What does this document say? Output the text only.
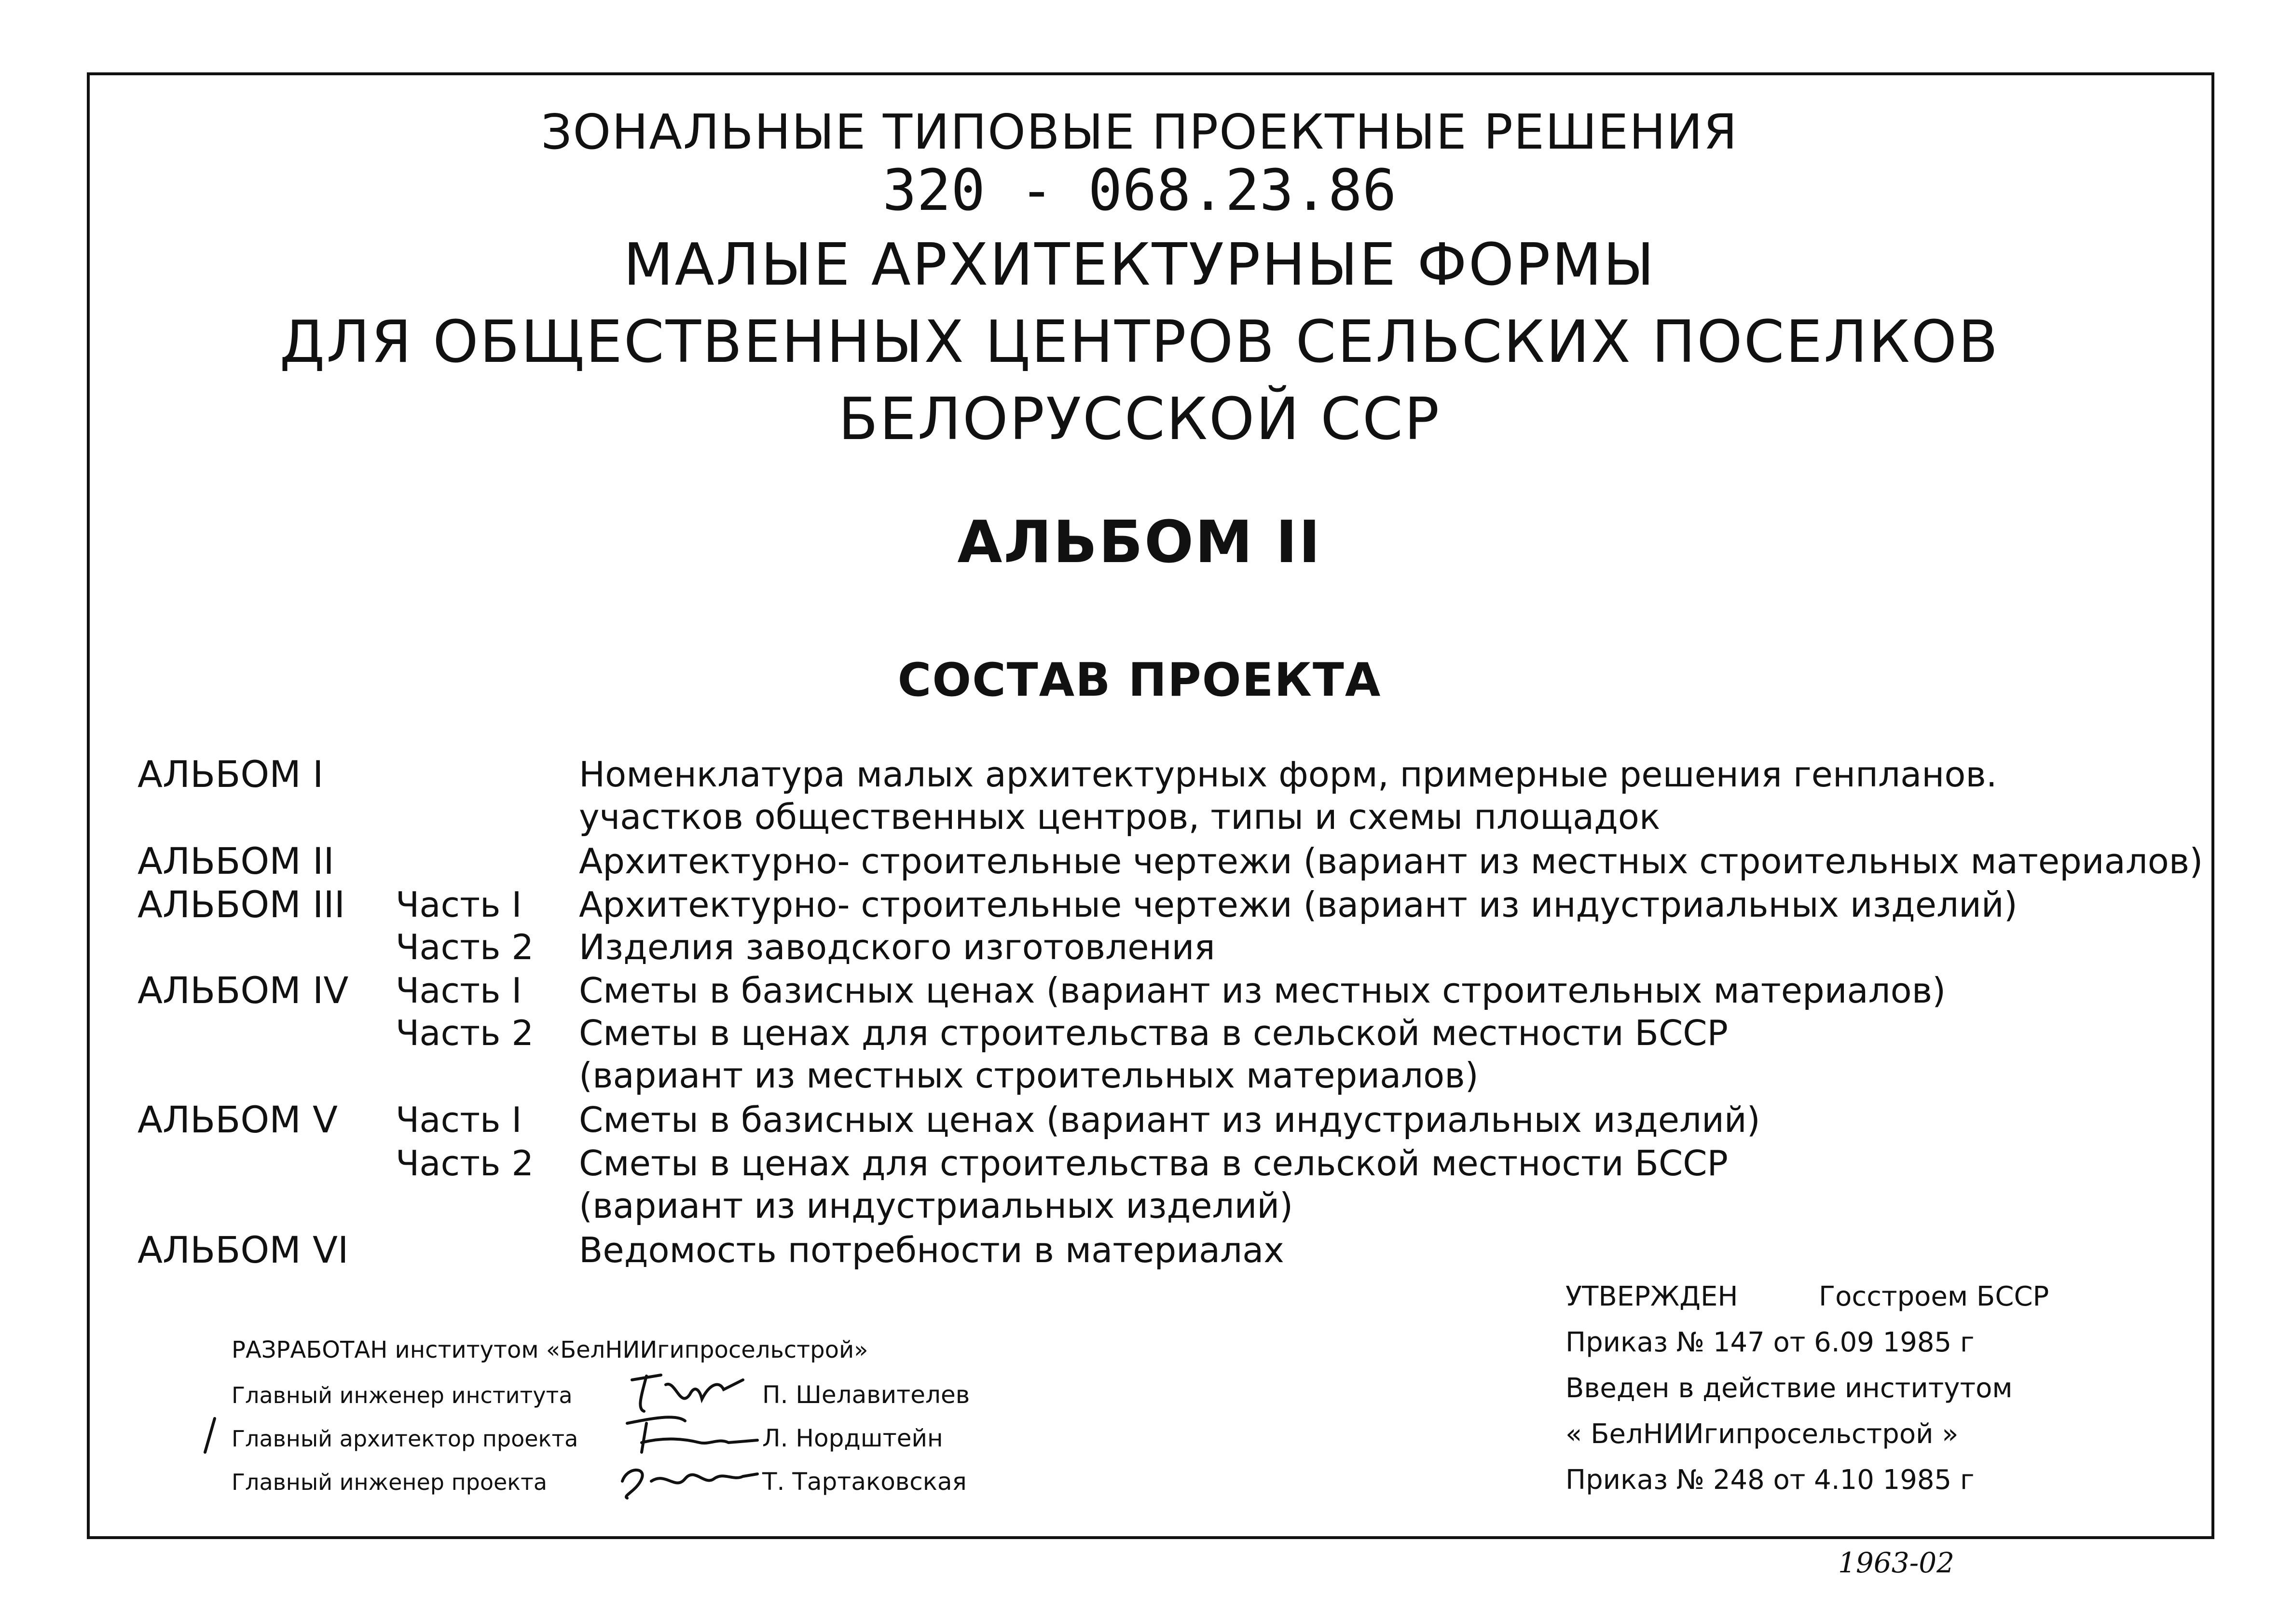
ЗОНАЛЬНЫЕ ТИПОВЫЕ ПРОЕКТНЫЕ РЕШЕНИЯ
320 - 068.23.86
МАЛЫЕ АРХИТЕКТУРНЫЕ ФОРМЫ
ДЛЯ ОБЩЕСТВЕННЫХ ЦЕНТРОВ СЕЛЬСКИХ ПОСЕЛКОВ
БЕЛОРУССКОЙ ССР
АЛЬБОМ II
СОСТАВ ПРОЕКТА
АЛЬБОМ I	Номенклатура малых архитектурных форм, примерные решения генпланов.
участков общественных центров, типы и схемы площадок
АЛЬБОМ II	Архитектурно- строительные чертежи (вариант из местных строительных материалов)
АЛЬБОМ III Часть I Архитектурно- строительные чертежи (вариант из индустриальных изделий)
Часть 2 Изделия заводского изготовления
АЛЬБОМ IV Часть I Сметы в базисных ценах (вариант из местных строительных материалов)
Часть 2 Сметы в ценах для строительства в сельской местности БССР
(вариант из местных строительных материалов)
АЛЬБОМ V Часть I Сметы в базисных ценах (вариант из индустриальных изделий)
Часть 2 Сметы в ценах для строительства в сельской местности БССР
(вариант из индустриальных изделий)
АЛЬБОМ VI	Ведомость потребности в материалах
РАЗРАБОТАН институтом «БелНИИгипросельстрой»
Главный инженер института	П. Шелавителев
Главный архитектор проекта	Л. Нордштейн
Главный инженер проекта	Т. Тартаковская
УТВЕРЖДЕН	Госстроем БССР
Приказ № 147 от 6.09 1985 г
Введен в действие институтом
« БелНИИгипросельстрой »
Приказ № 248 от 4.10 1985 г
1963-02
